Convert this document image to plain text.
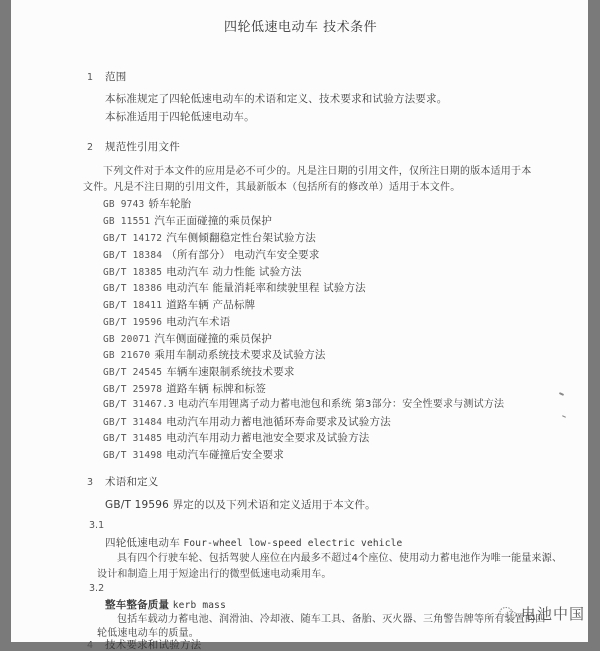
四轮低速电动车 技术条件
1 范围
本标准规定了四轮低速电动车的术语和定义、技术要求和试验方法要求。
本标准适用于四轮低速电动车。
2 规范性引用文件
下列文件对于本文件的应用是必不可少的。凡是注日期的引用文件，仅所注日期的版本适用于本
文件。凡是不注日期的引用文件，其最新版本（包括所有的修改单）适用于本文件。
GB 9743 轿车轮胎
GB 11551 汽车正面碰撞的乘员保护
GB/T 14172 汽车侧倾翻稳定性台架试验方法
GB/T 18384 （所有部分） 电动汽车安全要求
GB/T 18385 电动汽车 动力性能 试验方法
GB/T 18386 电动汽车 能量消耗率和续驶里程 试验方法
GB/T 18411 道路车辆 产品标牌
GB/T 19596 电动汽车术语
GB 20071 汽车侧面碰撞的乘员保护
GB 21670 乘用车制动系统技术要求及试验方法
GB/T 24545 车辆车速限制系统技术要求
GB/T 25978 道路车辆 标牌和标签
GB/T 31467.3 电动汽车用锂离子动力蓄电池包和系统 第3部分：安全性要求与测试方法
GB/T 31484 电动汽车用动力蓄电池循环寿命要求及试验方法
GB/T 31485 电动汽车用动力蓄电池安全要求及试验方法
GB/T 31498 电动汽车碰撞后安全要求
3 术语和定义
GB/T 19596 界定的以及下列术语和定义适用于本文件。
3.1
四轮低速电动车 Four-wheel low-speed electric vehicle
具有四个行驶车轮、包括驾驶人座位在内最多不超过4个座位、使用动力蓄电池作为唯一能量来源、
设计和制造上用于短途出行的微型低速电动乘用车。
3.2
整车整备质量 kerb mass
包括车载动力蓄电池、润滑油、冷却液、随车工具、备胎、灭火器、三角警告牌等所有装置的四
轮低速电动车的质量。
4 技术要求和试验方法
电池中国
